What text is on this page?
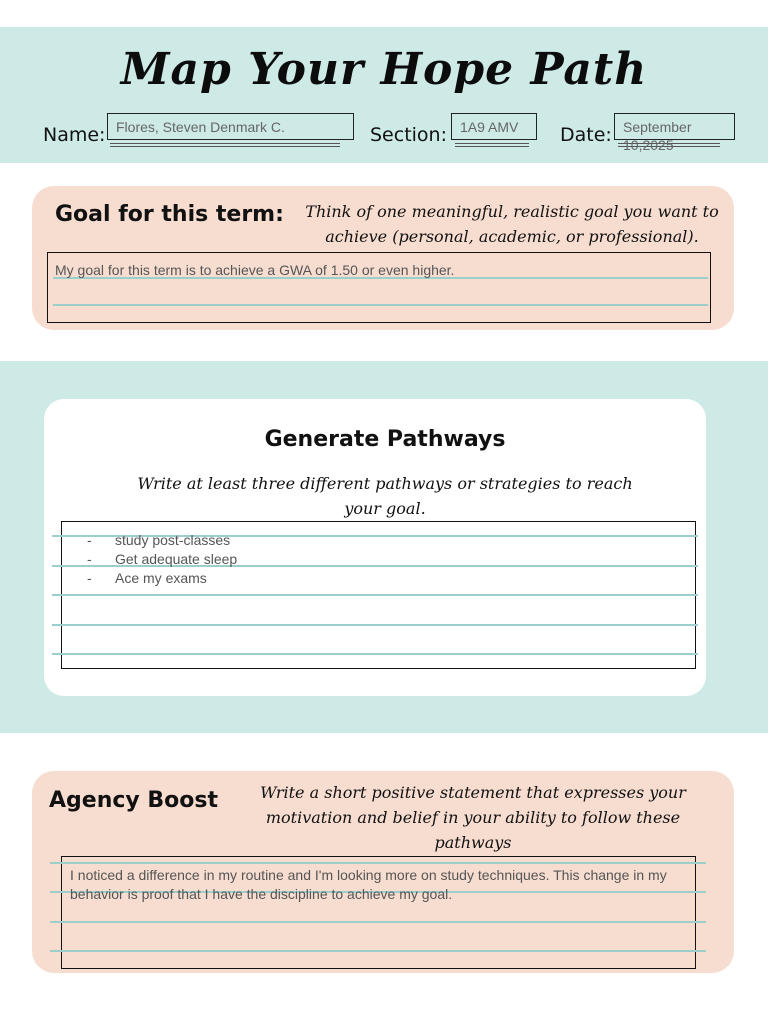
Map Your Hope Path
Name: Flores, Steven Denmark C.	Section: 1A9 AMV	Date: September 10,2025
Goal for this term:	Think of one meaningful, realistic goal you want to achieve (personal, academic, or professional).
My goal for this term is to achieve a GWA of 1.50 or even higher.
Generate Pathways
Write at least three different pathways or strategies to reach your goal.
- study post-classes
- Get adequate sleep
- Ace my exams
Agency Boost	Write a short positive statement that expresses your motivation and belief in your ability to follow these pathways
I noticed a difference in my routine and I'm looking more on study techniques. This change in my behavior is proof that I have the discipline to achieve my goal.
